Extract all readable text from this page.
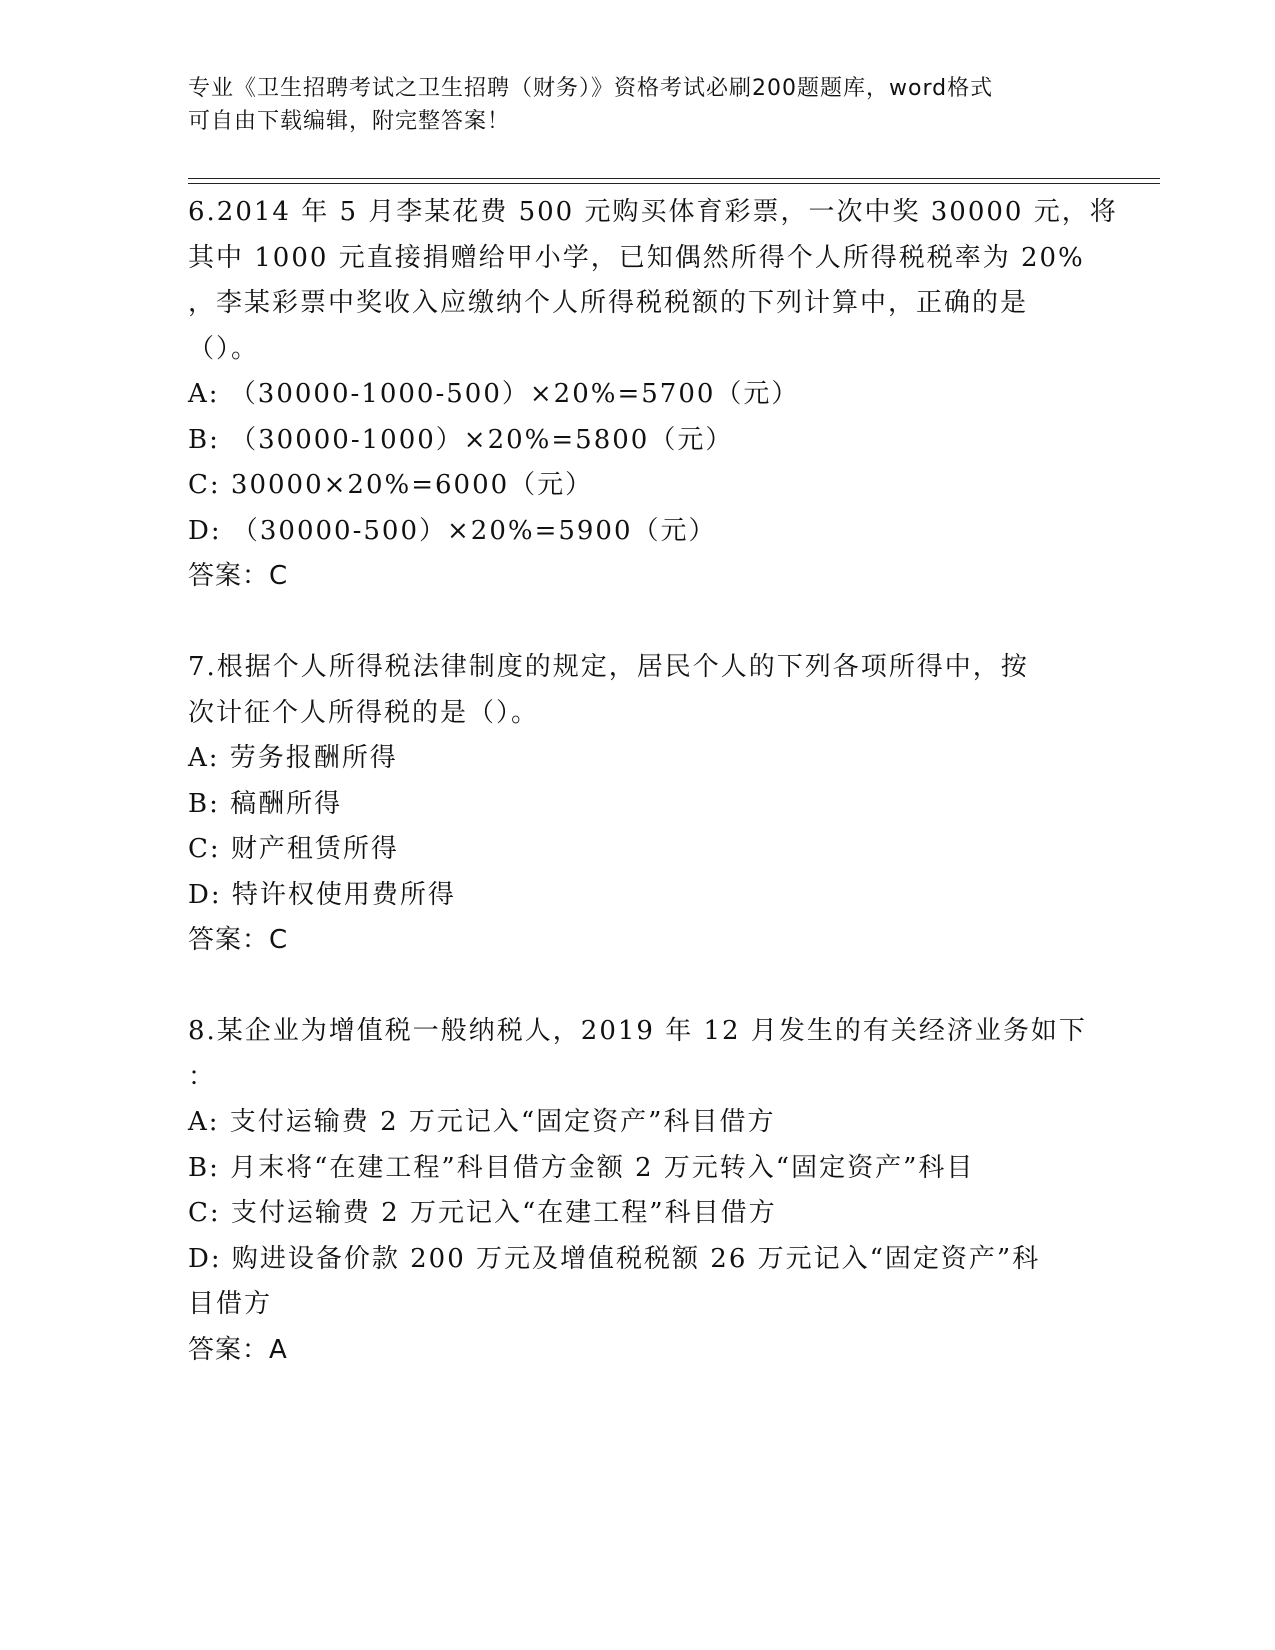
专业《卫生招聘考试之卫生招聘（财务）》资格考试必刷200题题库，word格式
可自由下载编辑，附完整答案！
6.2014 年 5 月李某花费 500 元购买体育彩票，一次中奖 30000 元，将
其中 1000 元直接捐赠给甲小学，已知偶然所得个人所得税税率为 20%
，李某彩票中奖收入应缴纳个人所得税税额的下列计算中，正确的是
（）。
A: （30000-1000-500）×20%=5700（元）
B: （30000-1000）×20%=5800（元）
C: 30000×20%=6000（元）
D: （30000-500）×20%=5900（元）
答案：C
7.根据个人所得税法律制度的规定，居民个人的下列各项所得中，按
次计征个人所得税的是（）。
A: 劳务报酬所得
B: 稿酬所得
C: 财产租赁所得
D: 特许权使用费所得
答案：C
8.某企业为增值税一般纳税人，2019 年 12 月发生的有关经济业务如下
：
A: 支付运输费 2 万元记入“固定资产”科目借方
B: 月末将“在建工程”科目借方金额 2 万元转入“固定资产”科目
C: 支付运输费 2 万元记入“在建工程”科目借方
D: 购进设备价款 200 万元及增值税税额 26 万元记入“固定资产”科
目借方
答案：A
